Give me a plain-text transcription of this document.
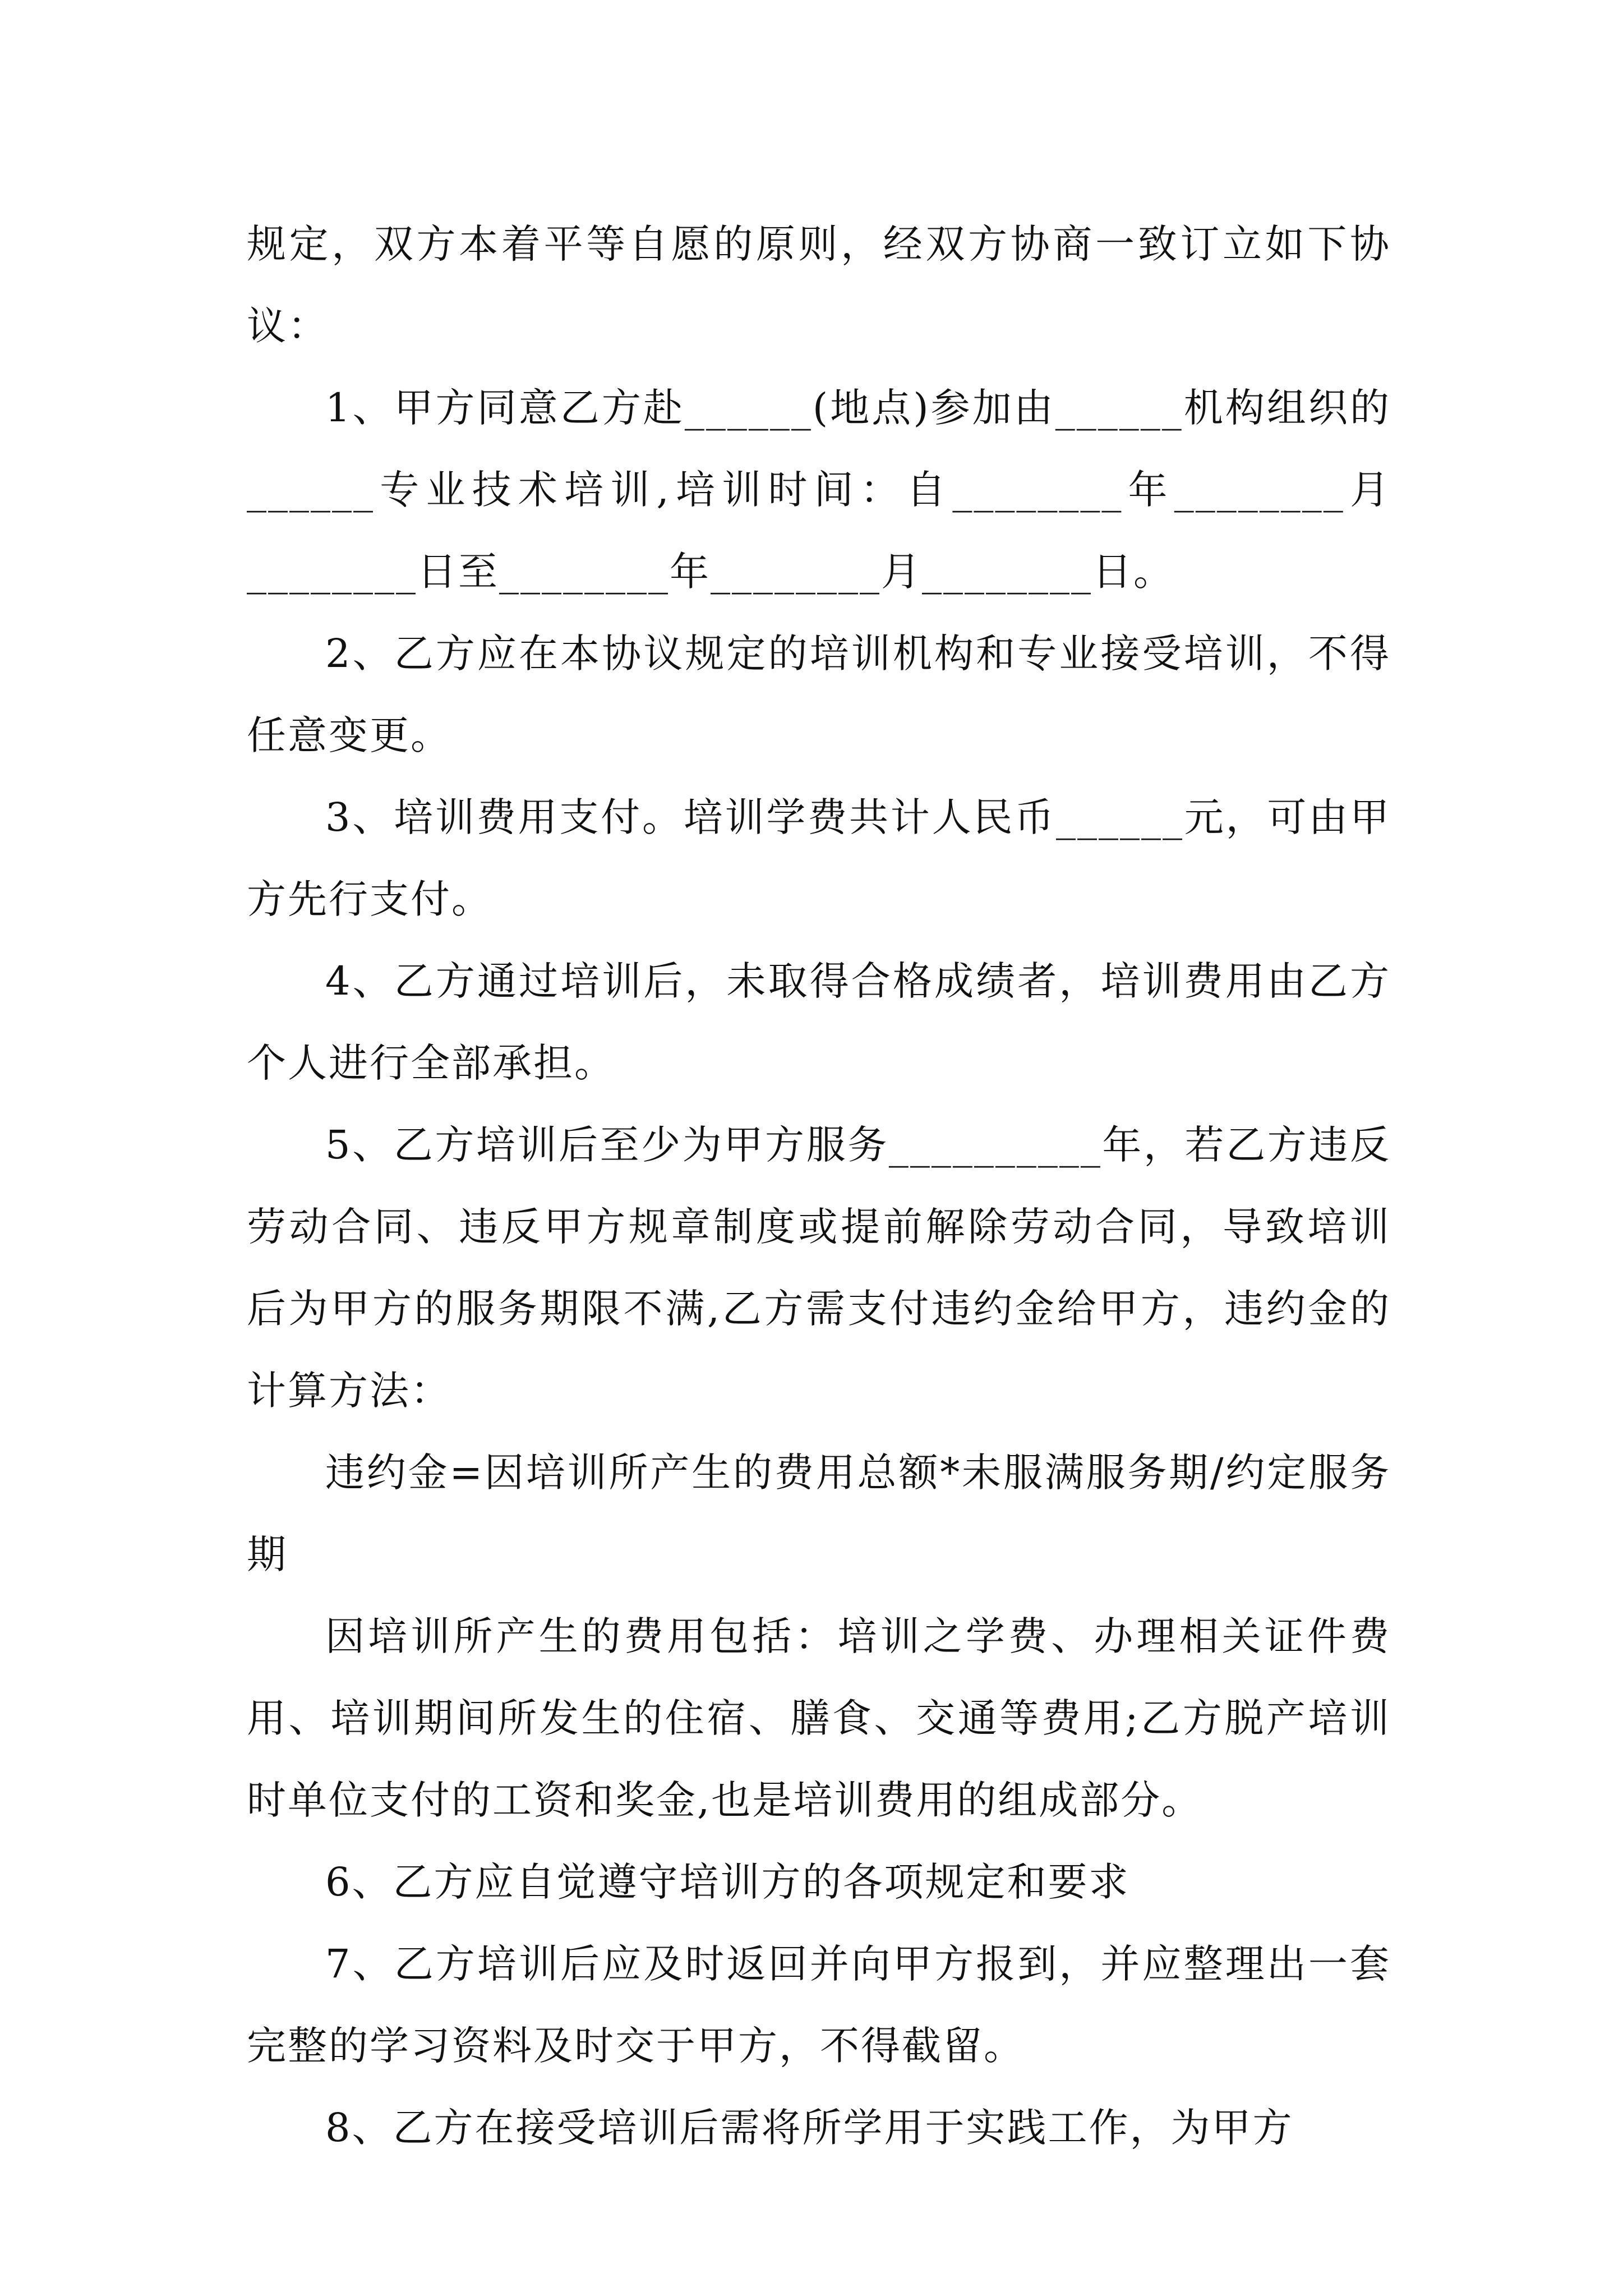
规定，双方本着平等自愿的原则，经双方协商一致订立如下协议：

1、甲方同意乙方赴______(地点)参加由______机构组织的______专业技术培训,培训时间：自________年________月________日至________年________月________日。

2、乙方应在本协议规定的培训机构和专业接受培训，不得任意变更。

3、培训费用支付。培训学费共计人民币______元，可由甲方先行支付。

4、乙方通过培训后，未取得合格成绩者，培训费用由乙方个人进行全部承担。

5、乙方培训后至少为甲方服务__________年，若乙方违反劳动合同、违反甲方规章制度或提前解除劳动合同，导致培训后为甲方的服务期限不满,乙方需支付违约金给甲方，违约金的计算方法：

违约金=因培训所产生的费用总额*未服满服务期/约定服务期

因培训所产生的费用包括：培训之学费、办理相关证件费用、培训期间所发生的住宿、膳食、交通等费用;乙方脱产培训时单位支付的工资和奖金,也是培训费用的组成部分。

6、乙方应自觉遵守培训方的各项规定和要求

7、乙方培训后应及时返回并向甲方报到，并应整理出一套完整的学习资料及时交于甲方，不得截留。

8、乙方在接受培训后需将所学用于实践工作，为甲方
